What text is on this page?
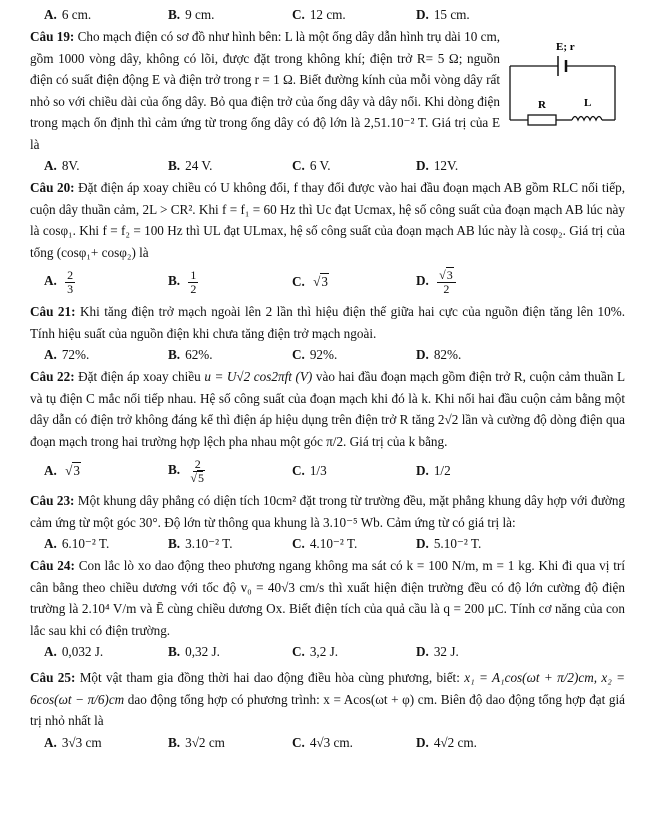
A. 6 cm.	B. 9 cm.	C. 12 cm.	D. 15 cm.

Câu 19: Cho mạch điện có sơ đồ như hình bên: L là một ống dây dẫn hình trụ dài 10 cm, gồm 1000 vòng dây, không có lõi, được đặt trong không khí; điện trở R= 5 Ω; nguồn điện có suất điện động E và điện trở trong r = 1 Ω. Biết đường kính của mỗi vòng dây rất nhỏ so với chiều dài của ống dây. Bỏ qua điện trở của ống dây và dây nối. Khi dòng điện trong mạch ổn định thì cảm ứng từ trong ống dây có độ lớn là 2,51.10⁻² T. Giá trị của E là

A. 8V.	B. 24 V.	C. 6 V.	D. 12V.

Câu 20: Đặt điện áp xoay chiều có U không đổi, f thay đổi được vào hai đầu đoạn mạch AB gồm RLC nối tiếp, cuộn dây thuần cảm, 2L > CR². Khi f = f₁ = 60 Hz thì Uc đạt Ucmax, hệ số công suất của đoạn mạch AB lúc này là cosφ₁. Khi f = f₂ = 100 Hz thì UL đạt ULmax, hệ số công suất của đoạn mạch AB lúc này là cosφ₂. Giá trị của tổng (cosφ₁+ cosφ₂) là

A. $\frac{2}{3}$	B. $\frac{1}{2}$	C. √3	D. $\frac{√3}{2}$

Câu 21: Khi tăng điện trở mạch ngoài lên 2 lần thì hiệu điện thế giữa hai cực của nguồn điện tăng lên 10%. Tính hiệu suất của nguồn điện khi chưa tăng điện trở mạch ngoài.

A. 72%.	B. 62%.	C. 92%.	D. 82%.

Câu 22: Đặt điện áp xoay chiều u = U√2 cos2πft (V) vào hai đầu đoạn mạch gồm điện trở R, cuộn cảm thuần L và tụ điện C mắc nối tiếp nhau. Hệ số công suất của đoạn mạch khi đó là k. Khi nối hai đầu cuộn cảm bằng một dây dẫn có điện trở không đáng kể thì điện áp hiệu dụng trên điện trở R tăng 2√2 lần và cường độ dòng điện qua đoạn mạch trong hai trường hợp lệch pha nhau một góc π/2. Giá trị của k bằng.

A. √3	B. $\frac{2}{√5}$	C. 1/3	D. 1/2

Câu 23: Một khung dây phẳng có diện tích 10cm² đặt trong từ trường đều, mặt phẳng khung dây hợp với đường cảm ứng từ một góc 30°. Độ lớn từ thông qua khung là 3.10⁻⁵ Wb. Cảm ứng từ có giá trị là:

A. 6.10⁻² T.	B. 3.10⁻² T.	C. 4.10⁻² T.	D. 5.10⁻² T.

Câu 24: Con lắc lò xo dao động theo phương ngang không ma sát có k = 100 N/m, m = 1 kg. Khi đi qua vị trí cân bằng theo chiều dương với tốc độ v₀ = 40√3 cm/s thì xuất hiện điện trường đều có độ lớn cường độ điện trường là 2.10⁴ V/m và Ē cùng chiều dương Ox. Biết điện tích của quả cầu là q = 200 μC. Tính cơ năng của con lắc sau khi có điện trường.

A. 0,032 J.	B. 0,32 J.	C. 3,2 J.	D. 32 J.

Câu 25: Một vật tham gia đồng thời hai dao động điều hòa cùng phương, biết: x₁ = A₁cos(ωt + π/2)cm, x₂ = 6cos(ωt − π/6)cm dao động tổng hợp có phương trình: x = Acos(ωt + φ) cm. Biên độ dao động tổng hợp đạt giá trị nhỏ nhất là

A. 3√3 cm	B. 3√2 cm	C. 4√3 cm.	D. 4√2 cm.
E; r
R	L
